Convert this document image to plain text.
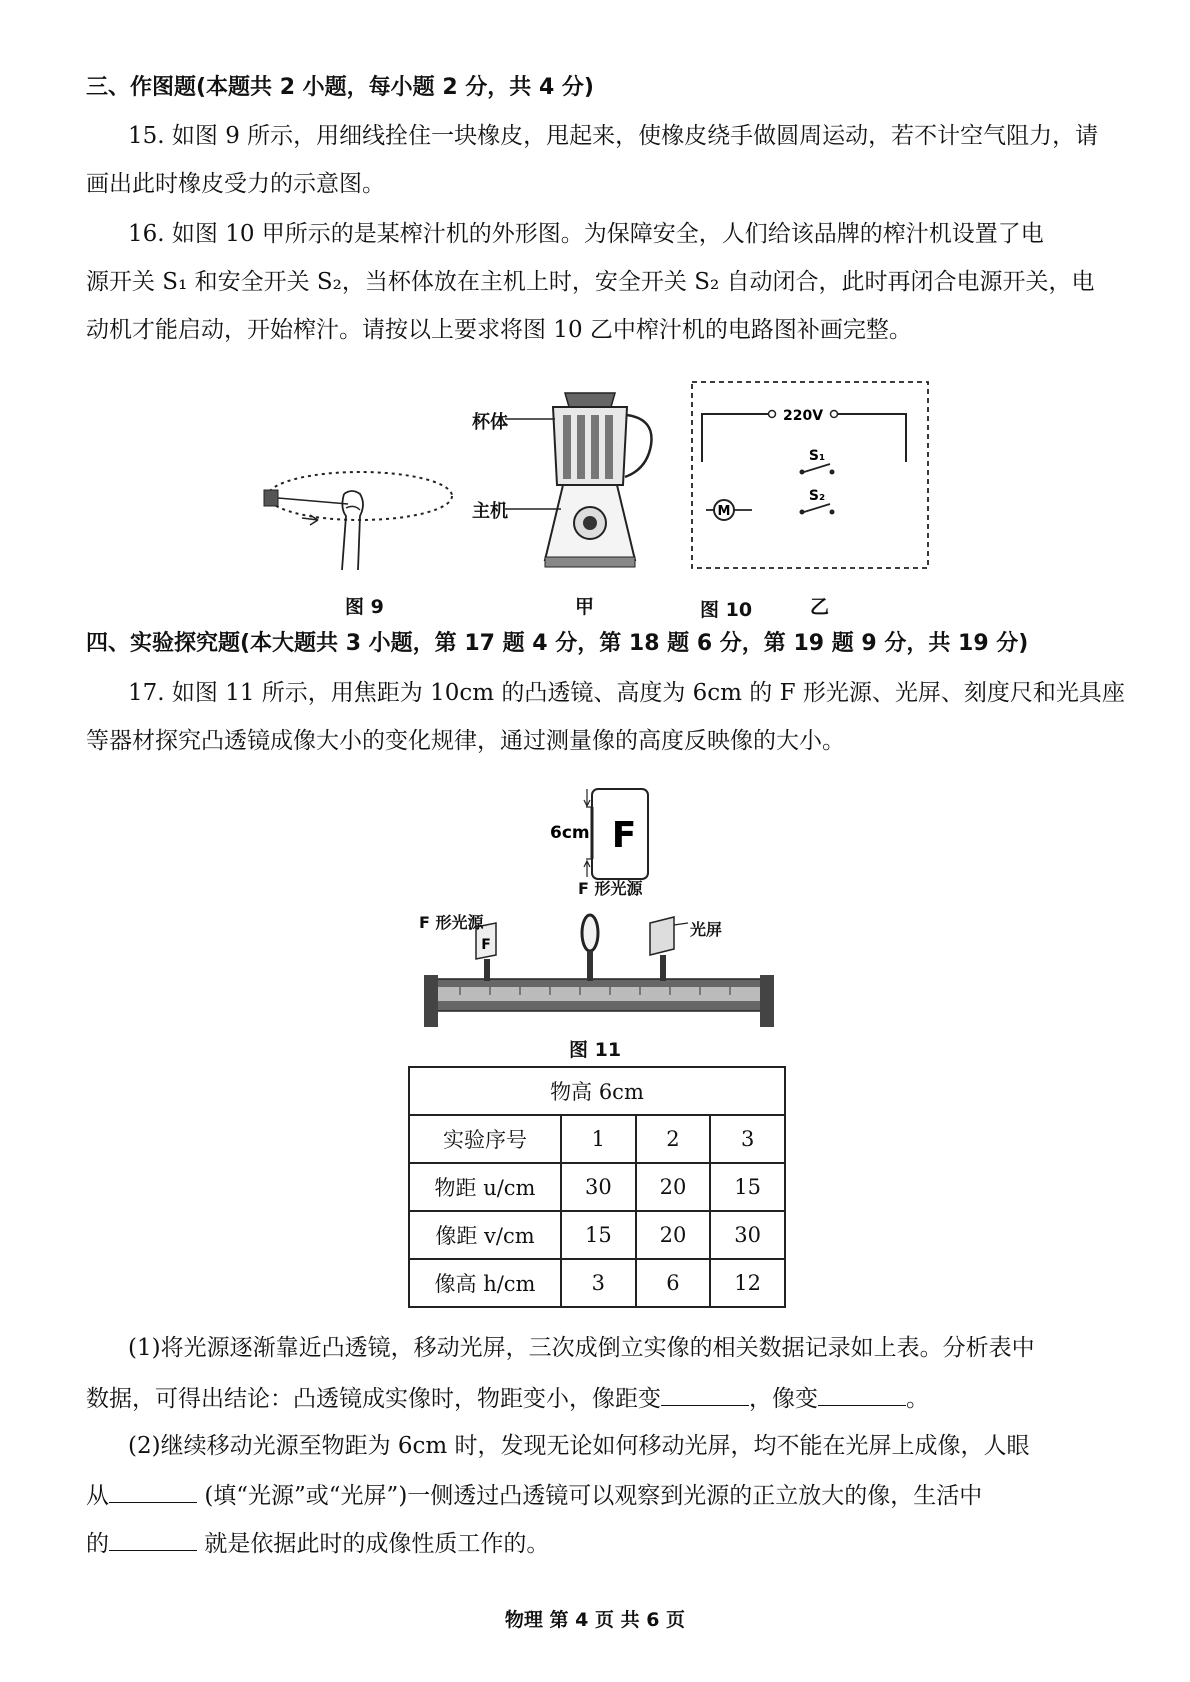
三、作图题(本题共 2 小题，每小题 2 分，共 4 分)
15. 如图 9 所示，用细线拴住一块橡皮，甩起来，使橡皮绕手做圆周运动，若不计空气阻力，请
画出此时橡皮受力的示意图。
16. 如图 10 甲所示的是某榨汁机的外形图。为保障安全，人们给该品牌的榨汁机设置了电
源开关 S₁ 和安全开关 S₂，当杯体放在主机上时，安全开关 S₂ 自动闭合，此时再闭合电源开关，电
动机才能启动，开始榨汁。请按以上要求将图 10 乙中榨汁机的电路图补画完整。
图 9
杯体
主机
甲
220V
S₁
S₂
M
图 10	乙
四、实验探究题(本大题共 3 小题，第 17 题 4 分，第 18 题 6 分，第 19 题 9 分，共 19 分)
17. 如图 11 所示，用焦距为 10cm 的凸透镜、高度为 6cm 的 F 形光源、光屏、刻度尺和光具座
等器材探究凸透镜成像大小的变化规律，通过测量像的高度反映像的大小。
6cm F
F 形光源
F
F 形光源	光屏
图 11
物高 6cm			
实验序号	1	2	3
物距 u/cm	30	20	15
像距 v/cm	15	20	30
像高 h/cm	3	6	12
(1)将光源逐渐靠近凸透镜，移动光屏，三次成倒立实像的相关数据记录如上表。分析表中
数据，可得出结论：凸透镜成实像时，物距变小，像距变	，像变	。
(2)继续移动光源至物距为 6cm 时，发现无论如何移动光屏，均不能在光屏上成像，人眼
从	(填“光源”或“光屏”)一侧透过凸透镜可以观察到光源的正立放大的像，生活中
的	就是依据此时的成像性质工作的。
物理 第 4 页 共 6 页
